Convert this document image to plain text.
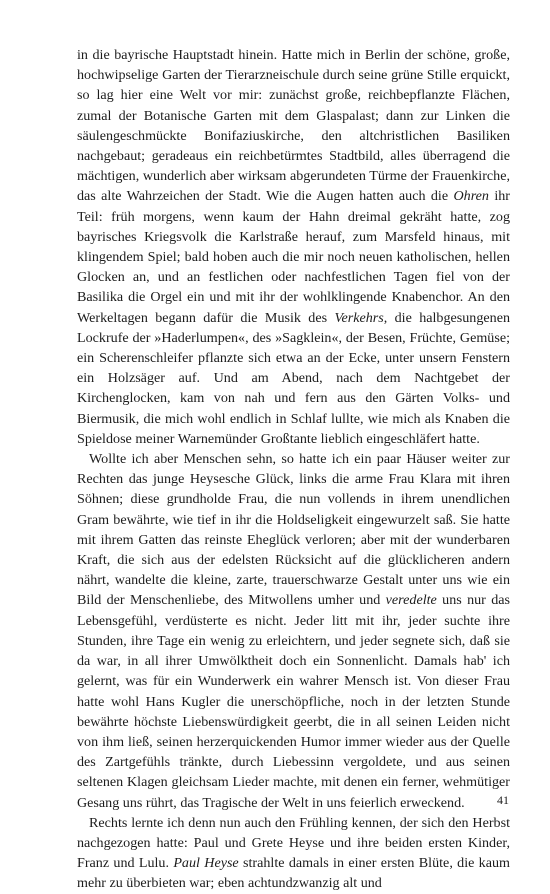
in die bayrische Hauptstadt hinein. Hatte mich in Berlin der schöne, große, hochwipselige Garten der Tierarzneischule durch seine grüne Stille erquickt, so lag hier eine Welt vor mir: zunächst große, reichbepflanzte Flächen, zumal der Botanische Garten mit dem Glaspalast; dann zur Linken die säulengeschmückte Bonifaziuskirche, den altchristlichen Basiliken nachgebaut; geradeaus ein reichbetürmtes Stadtbild, alles überragend die mächtigen, wunderlich aber wirksam abgerundeten Türme der Frauenkirche, das alte Wahrzeichen der Stadt. Wie die Augen hatten auch die Ohren ihr Teil: früh morgens, wenn kaum der Hahn dreimal gekräht hatte, zog bayrisches Kriegsvolk die Karlstraße herauf, zum Marsfeld hinaus, mit klingendem Spiel; bald hoben auch die mir noch neuen katholischen, hellen Glocken an, und an festlichen oder nachfestlichen Tagen fiel von der Basilika die Orgel ein und mit ihr der wohlklingende Knabenchor. An den Werkeltagen begann dafür die Musik des Verkehrs, die halbgesungenen Lockrufe der »Haderlumpen«, des »Sagklein«, der Besen, Früchte, Gemüse; ein Scherenschleifer pflanzte sich etwa an der Ecke, unter unsern Fenstern ein Holzsäger auf. Und am Abend, nach dem Nachtgebet der Kirchenglocken, kam von nah und fern aus den Gärten Volks- und Biermusik, die mich wohl endlich in Schlaf lullte, wie mich als Knaben die Spieldose meiner Warnemünder Großtante lieblich eingeschläfert hatte.

Wollte ich aber Menschen sehn, so hatte ich ein paar Häuser weiter zur Rechten das junge Heysesche Glück, links die arme Frau Klara mit ihren Söhnen; diese grundholde Frau, die nun vollends in ihrem unendlichen Gram bewährte, wie tief in ihr die Holdseligkeit eingewurzelt saß. Sie hatte mit ihrem Gatten das reinste Eheglück verloren; aber mit der wunderbaren Kraft, die sich aus der edelsten Rücksicht auf die glücklicheren andern nährt, wandelte die kleine, zarte, trauerschwarze Gestalt unter uns wie ein Bild der Menschenliebe, des Mitwollens umher und veredelte uns nur das Lebensgefühl, verdüsterte es nicht. Jeder litt mit ihr, jeder suchte ihre Stunden, ihre Tage ein wenig zu erleichtern, und jeder segnete sich, daß sie da war, in all ihrer Umwölktheit doch ein Sonnenlicht. Damals hab' ich gelernt, was für ein Wunderwerk ein wahrer Mensch ist. Von dieser Frau hatte wohl Hans Kugler die unerschöpfliche, noch in der letzten Stunde bewährte höchste Liebenswürdigkeit geerbt, die in all seinen Leiden nicht von ihm ließ, seinen herzerquickenden Humor immer wieder aus der Quelle des Zartgefühls tränkte, durch Liebessinn vergoldete, und aus seinen seltenen Klagen gleichsam Lieder machte, mit denen ein ferner, wehmütiger Gesang uns rührt, das Tragische der Welt in uns feierlich erweckend.

Rechts lernte ich denn nun auch den Frühling kennen, der sich den Herbst nachgezogen hatte: Paul und Grete Heyse und ihre beiden ersten Kinder, Franz und Lulu. Paul Heyse strahlte damals in einer ersten Blüte, die kaum mehr zu überbieten war; eben achtundzwanzig alt und

41
